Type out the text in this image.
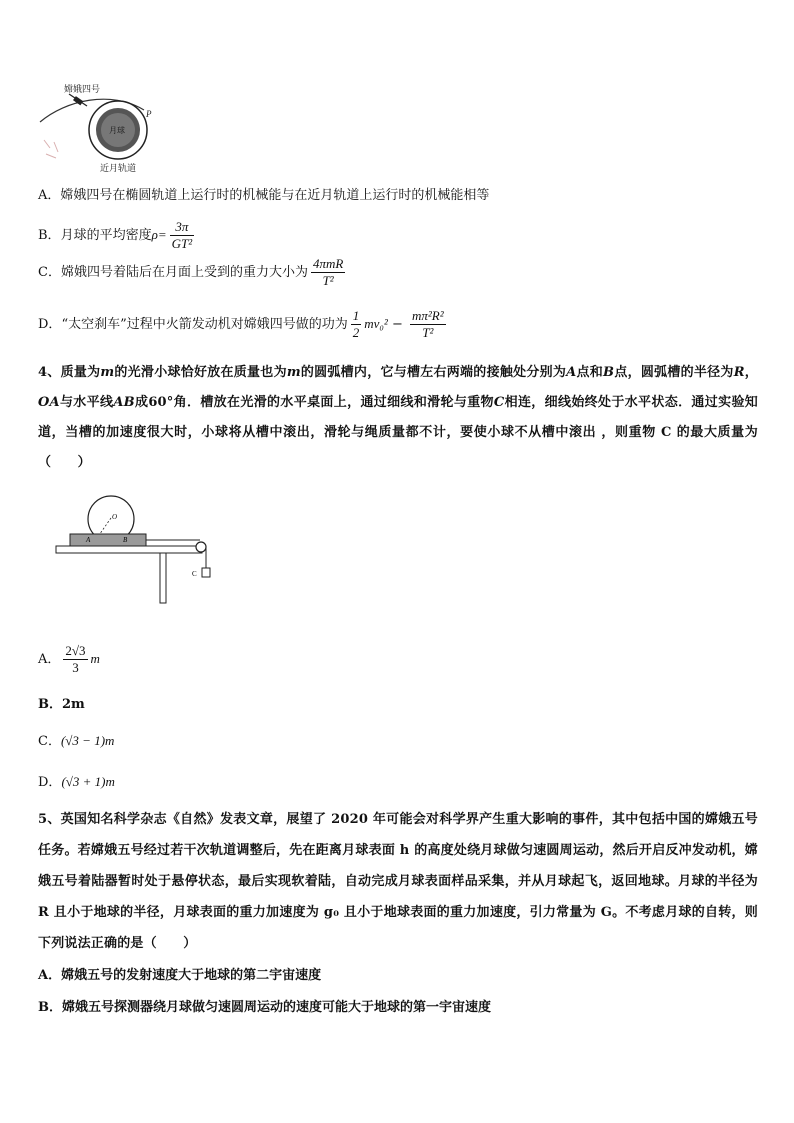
嫦娥四号
月球
近月轨道
P
A．嫦娥四号在椭圆轨道上运行时的机械能与在近月轨道上运行时的机械能相等
B．月球的平均密度$\rho= \frac{3\pi}{\text{GT²}}$
C．嫦娥四号着陆后在月面上受到的重力大小为 $\frac{\text{4πmR}}{\text{T²}}$
D．“太空刹车”过程中火箭发动机对嫦娥四号做的功为 $\frac{1}{2} mv_0^2 - \frac{\text{mπ²R²}}{\text{T²}}$
4、质量为m的光滑小球恰好放在质量也为m的圆弧槽内，它与槽左右两端的接触处分别为A点和B点，圆弧槽的半径为R，OA与水平线AB成60°角．槽放在光滑的水平桌面上，通过细线和滑轮与重物C相连，细线始终处于水平状态．通过实验知道，当槽的加速度很大时，小球将从槽中滚出，滑轮与绳质量都不计，要使小球不从槽中滚出 ，则重物 C 的最大质量为（　　）
O
A	B
C
A． $\frac{2√3}{3}$ m
B．2m
C．(√3 − 1)m
D．(√3 + 1)m
5、英国知名科学杂志《自然》发表文章，展望了 2020 年可能会对科学界产生重大影响的事件，其中包括中国的嫦娥五号任务。若嫦娥五号经过若干次轨道调整后，先在距离月球表面 h 的高度处绕月球做匀速圆周运动，然后开启反冲发动机，嫦娥五号着陆器暂时处于悬停状态，最后实现软着陆，自动完成月球表面样品采集，并从月球起飞，返回地球。月球的半径为 R 且小于地球的半径，月球表面的重力加速度为 g₀ 且小于地球表面的重力加速度，引力常量为 G。不考虑月球的自转，则下列说法正确的是（　　）
A．嫦娥五号的发射速度大于地球的第二宇宙速度
B．嫦娥五号探测器绕月球做匀速圆周运动的速度可能大于地球的第一宇宙速度
